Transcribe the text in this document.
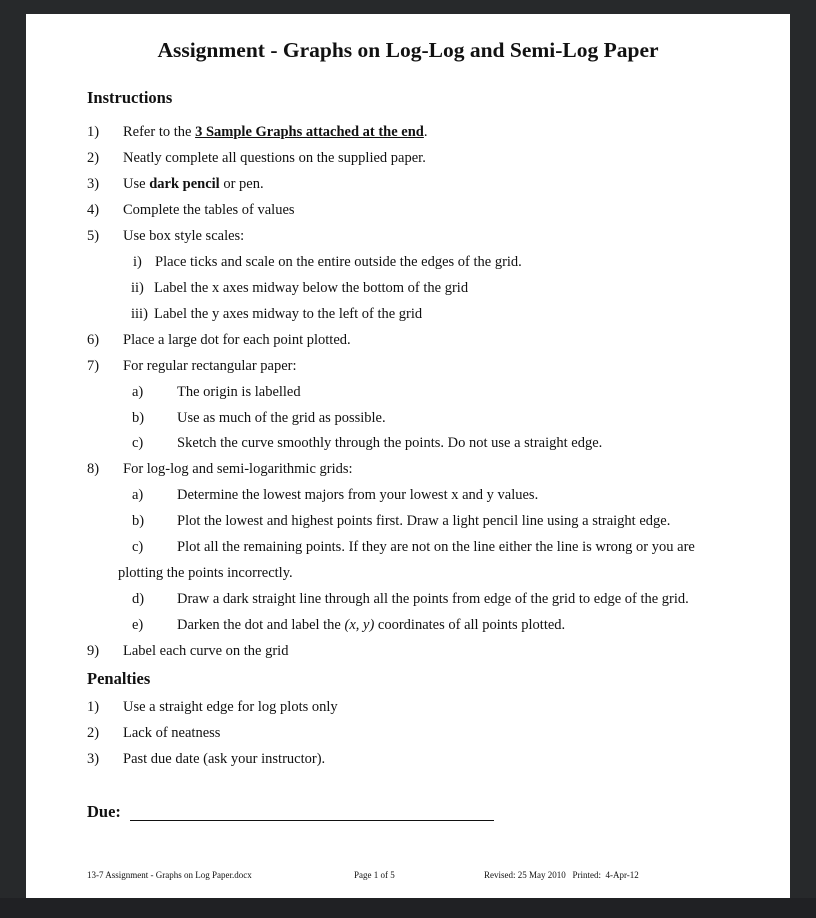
Assignment - Graphs on Log-Log and Semi-Log Paper
Instructions
1) Refer to the 3 Sample Graphs attached at the end.
2) Neatly complete all questions on the supplied paper.
3) Use dark pencil or pen.
4) Complete the tables of values
5) Use box style scales:
i) Place ticks and scale on the entire outside the edges of the grid.
ii) Label the x axes midway below the bottom of the grid
iii) Label the y axes midway to the left of the grid
6) Place a large dot for each point plotted.
7) For regular rectangular paper:
a) The origin is labelled
b) Use as much of the grid as possible.
c) Sketch the curve smoothly through the points. Do not use a straight edge.
8) For log-log and semi-logarithmic grids:
a) Determine the lowest majors from your lowest x and y values.
b) Plot the lowest and highest points first. Draw a light pencil line using a straight edge.
c) Plot all the remaining points. If they are not on the line either the line is wrong or you are
plotting the points incorrectly.
d) Draw a dark straight line through all the points from edge of the grid to edge of the grid.
e) Darken the dot and label the (x, y) coordinates of all points plotted.
9) Label each curve on the grid
Penalties
1) Use a straight edge for log plots only
2) Lack of neatness
3) Past due date (ask your instructor).
Due:
13-7 Assignment - Graphs on Log Paper.docx	Page 1 of 5	Revised: 25 May 2010   Printed:  4-Apr-12
